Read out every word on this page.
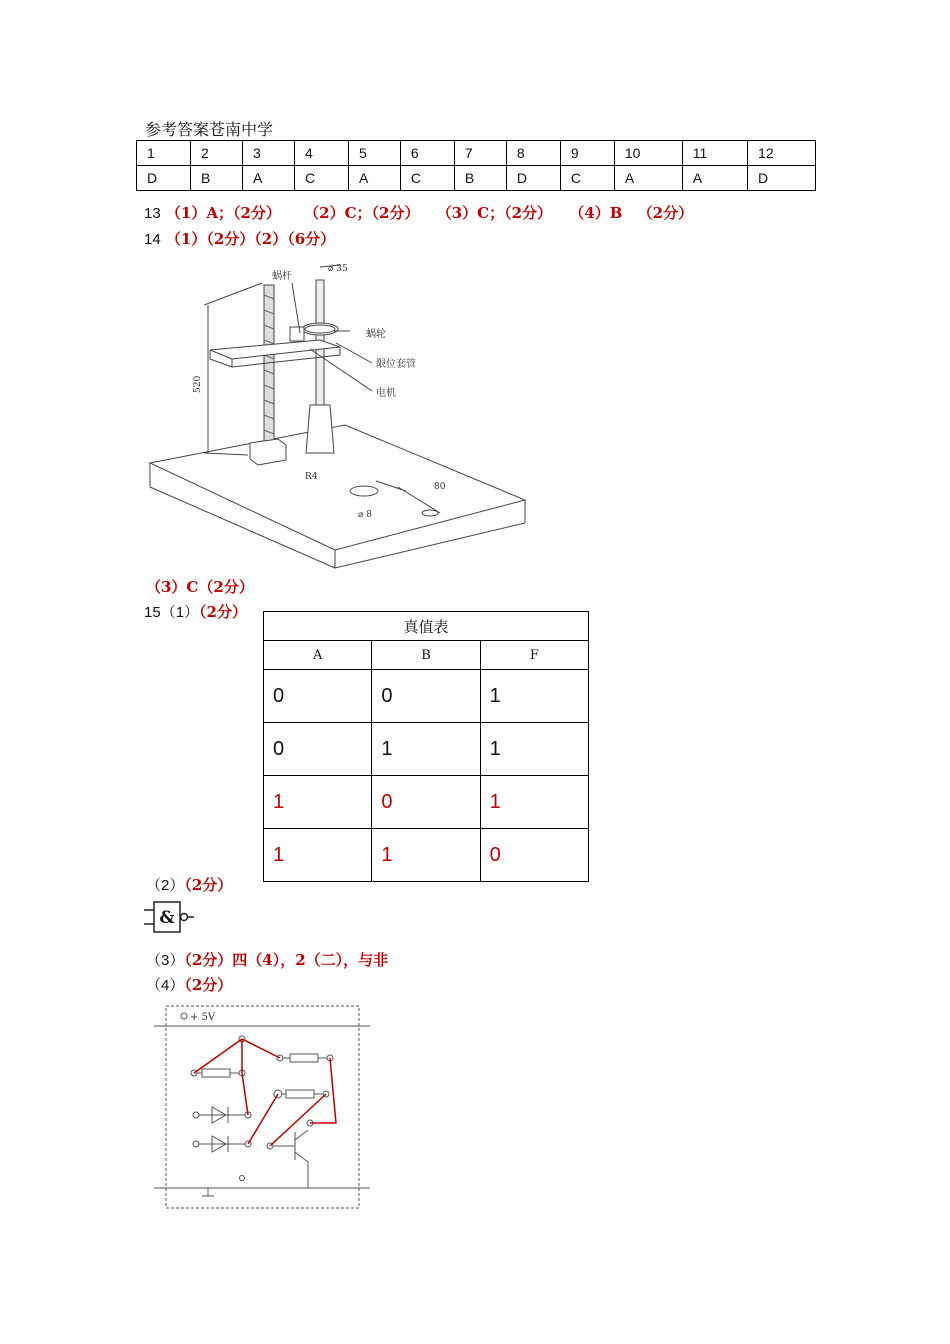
参考答案苍南中学
1	2	3	4	5	6	7	8	9	10	11	12
D	B	A	C	A	C	B	D	C	A	A	D
13 （1）A；（2分） （2）C；（2分） （3）C；（2分） （4）B （2分）
14 （1）（2分）（2）（6分）
蜗杆
⌀ 35
蜗轮
限位套管
电机
520
R4
80
⌀ 8
（3）C（2分）
15（1）（2分）
真值表		
A	B	F
0	0	1
0	1	1
1	0	1
1	1	0
（2）（2分）
&
（3）（2分）四（4），2（二），与非
（4）（2分）
+ 5V
